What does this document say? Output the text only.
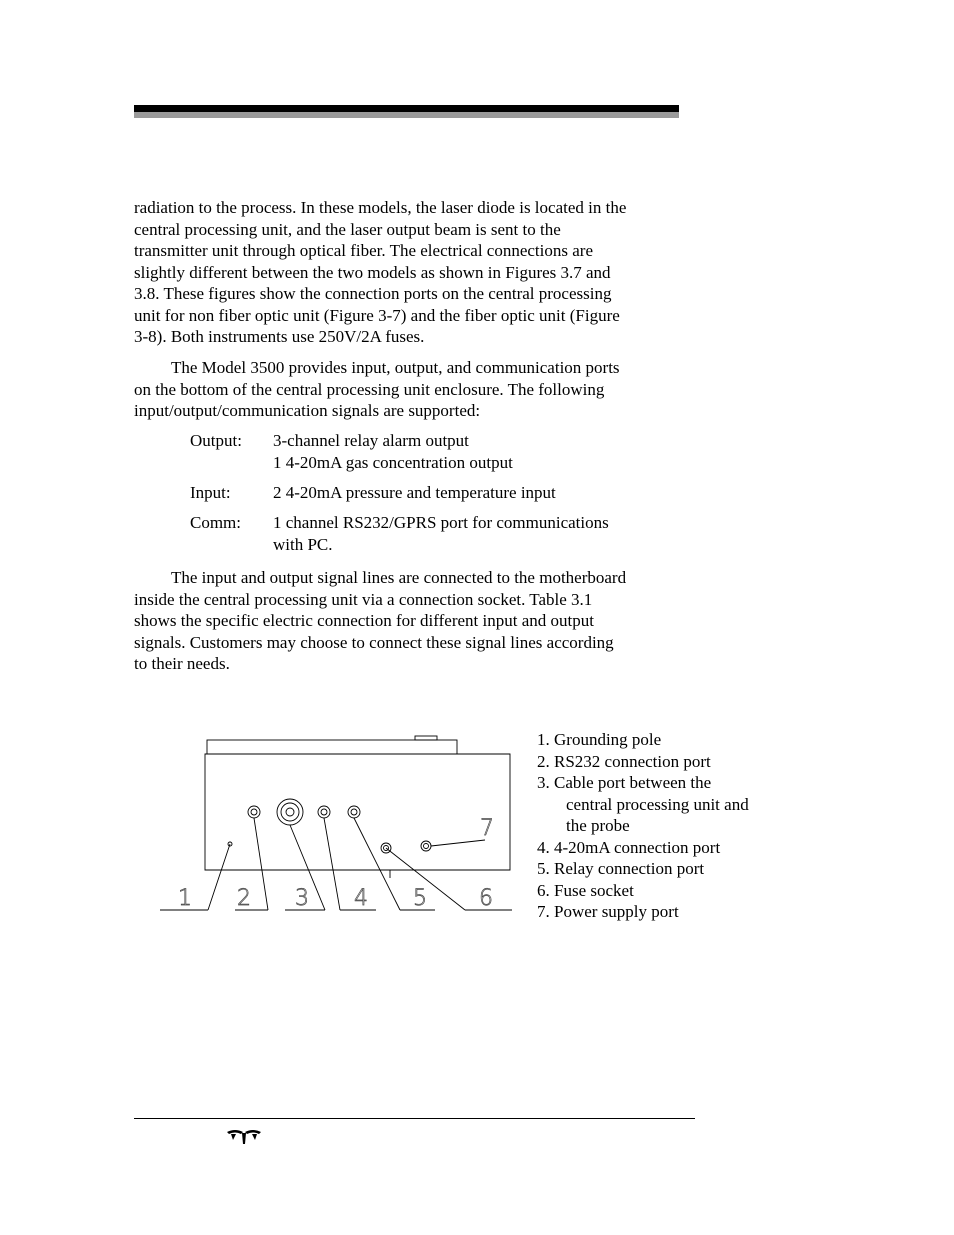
radiation to the process. In these models, the laser diode is located in the
central processing unit, and the laser output beam is sent to the
transmitter unit through optical fiber. The electrical connections are
slightly different between the two models as shown in Figures 3.7 and
3.8. These figures show the connection ports on the central processing
unit for non fiber optic unit (Figure 3-7) and the fiber optic unit (Figure
3-8). Both instruments use 250V/2A fuses.

The Model 3500 provides input, output, and communication ports
on the bottom of the central processing unit enclosure. The following
input/output/communication signals are supported:

Output:	3-channel relay alarm output
1 4-20mA gas concentration output
Input:	2 4-20mA pressure and temperature input
Comm:	1 channel RS232/GPRS port for communications
with PC.

The input and output signal lines are connected to the motherboard
inside the central processing unit via a connection socket. Table 3.1
shows the specific electric connection for different input and output
signals. Customers may choose to connect these signal lines according
to their needs.

1 2 3 4 5 6
7
1. Grounding pole
2. RS232 connection port
3. Cable port between the
central processing unit and
the probe
4. 4-20mA connection port
5. Relay connection port
6. Fuse socket
7. Power supply port
